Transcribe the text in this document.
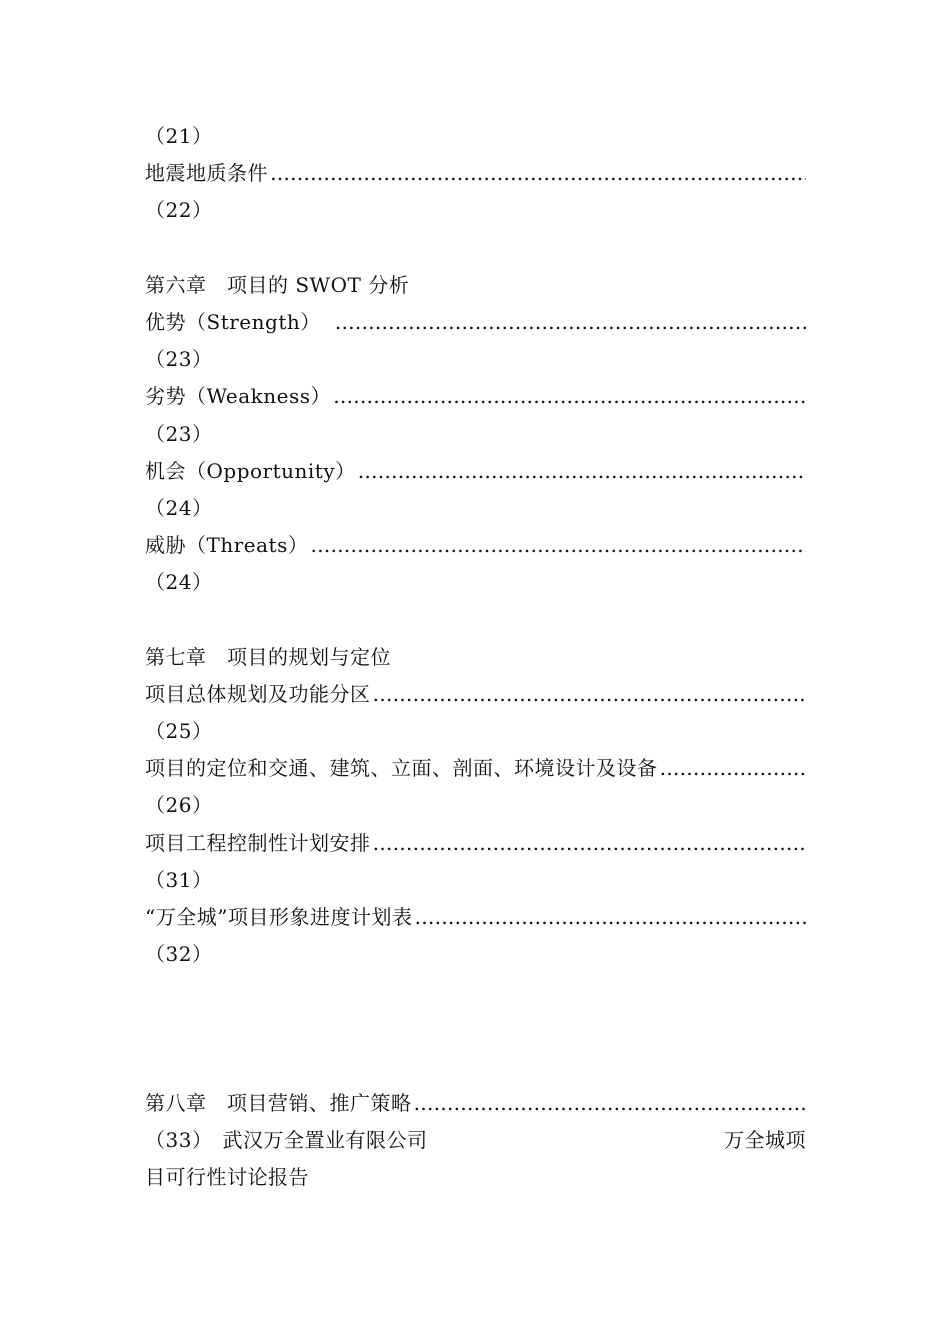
（21）
地震地质条件
…………………………………………………………………………………………………………………………………………………………
（22）
第六章　项目的 SWOT 分析
优势（Strength）
…………………………………………………………………………………………………………………………………………………………
（23）
劣势（Weakness）
…………………………………………………………………………………………………………………………………………………………
（23）
机会（Opportunity）
…………………………………………………………………………………………………………………………………………………………
（24）
威胁（Threats）
…………………………………………………………………………………………………………………………………………………………
（24）
第七章　项目的规划与定位
项目总体规划及功能分区
…………………………………………………………………………………………………………………………………………………………
（25）
项目的定位和交通、建筑、立面、剖面、环境设计及设备
…………………………………………………………………………………………………………………………………………………………
（26）
项目工程控制性计划安排
…………………………………………………………………………………………………………………………………………………………
（31）
“万全城”项目形象进度计划表
…………………………………………………………………………………………………………………………………………………………
（32）
第八章　项目营销、推广策略
…………………………………………………………………………………………………………………………………………………………
（33） 武汉万全置业有限公司	万全城项
目可行性讨论报告
